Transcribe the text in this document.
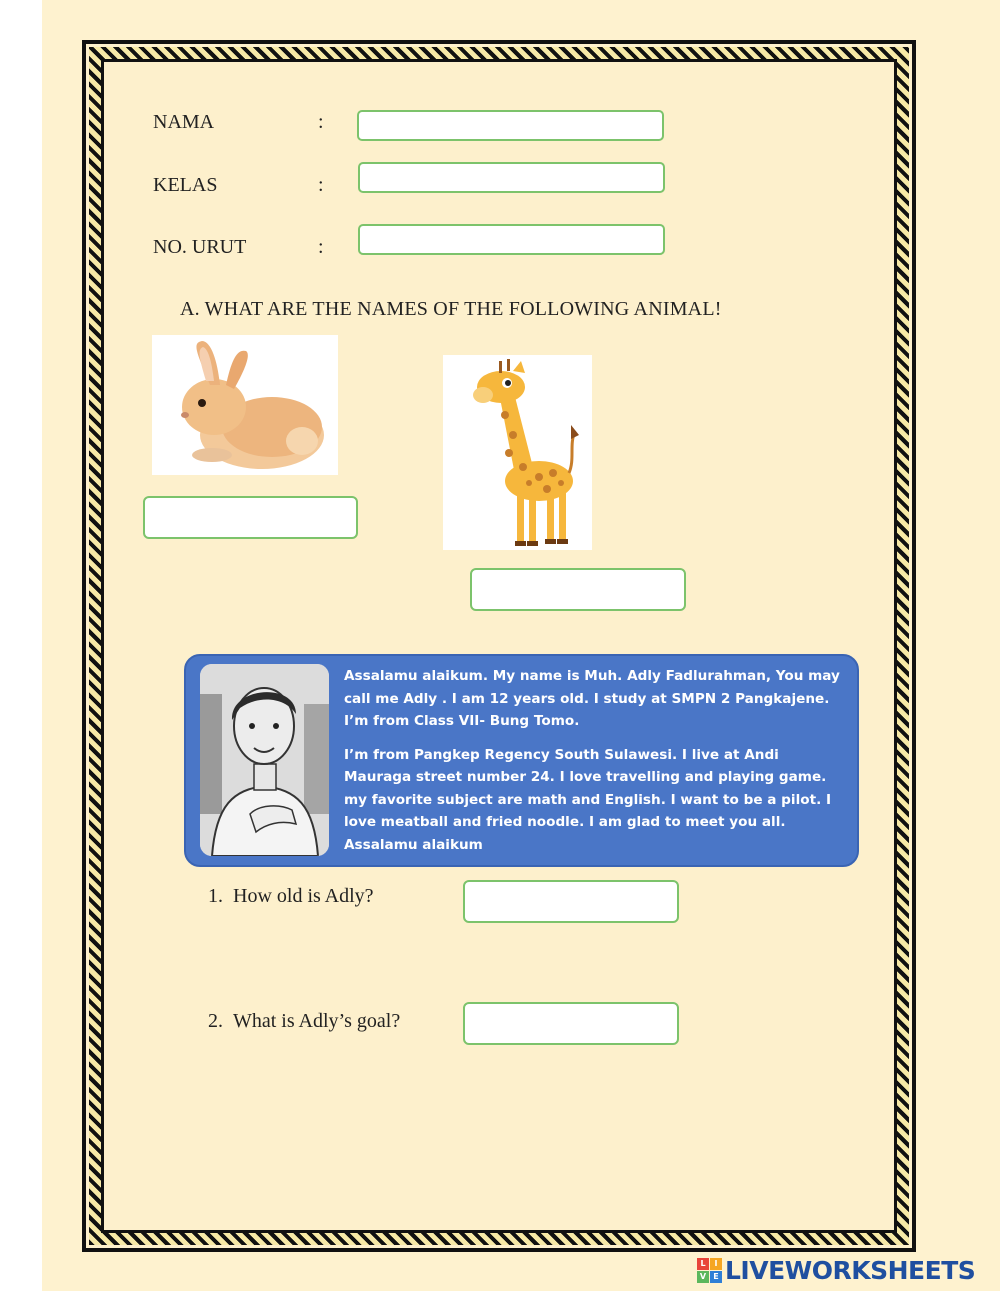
NAMA	:
KELAS	:
NO. URUT	:
A. WHAT ARE THE NAMES OF THE FOLLOWING ANIMAL!

Assalamu alaikum. My name is Muh. Adly Fadlurahman, You may call me Adly . I am 12 years old. I study at SMPN 2 Pangkajene. I’m from Class VII- Bung Tomo.

I’m from Pangkep Regency South Sulawesi. I live at Andi Mauraga street number 24. I love travelling and playing game. my favorite subject are math and English. I want to be a pilot. I love meatball and fried noodle. I am glad to meet you all. Assalamu alaikum

1. How old is Adly?
2. What is Adly’s goal?
L	I
V E LIVEWORKSHEETS
